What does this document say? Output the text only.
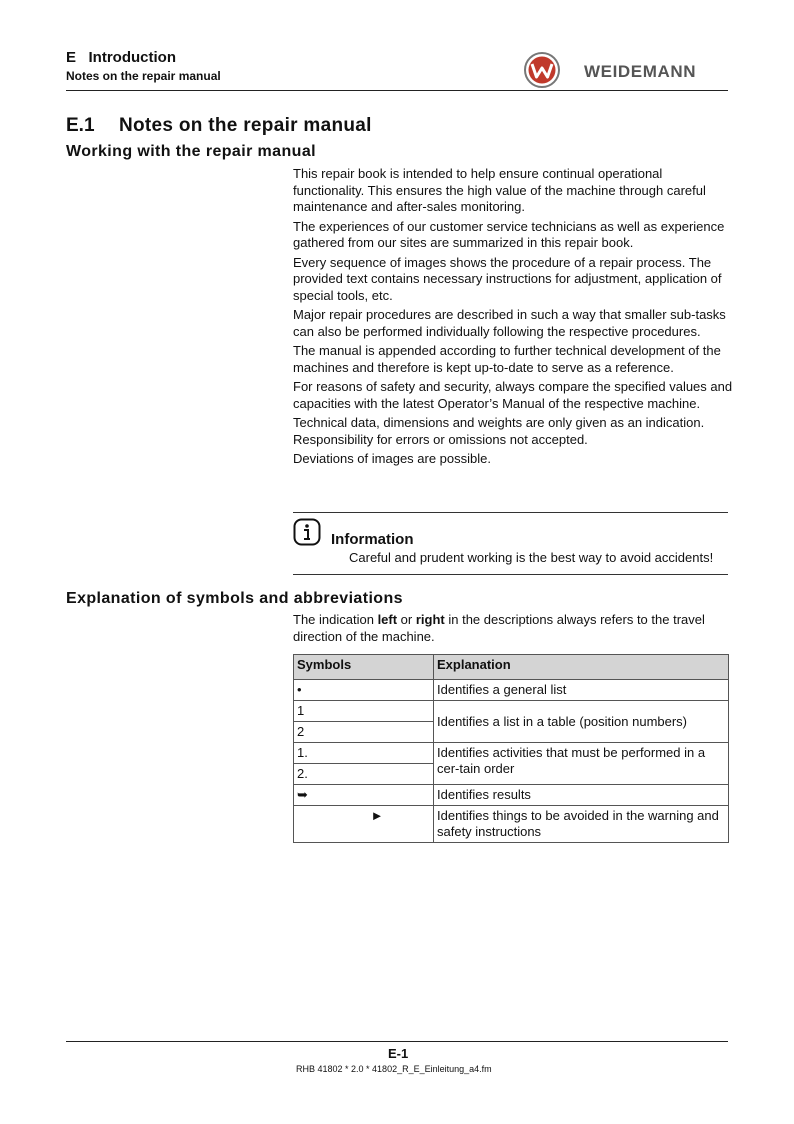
E   Introduction
Notes on the repair manual	WEIDEMANN
E.1 Notes on the repair manual
Working with the repair manual

This repair book is intended to help ensure continual operational functionality. This ensures the high value of the machine through careful maintenance and after-sales monitoring.

The experiences of our customer service technicians as well as experience gathered from our sites are summarized in this repair book.

Every sequence of images shows the procedure of a repair process. The provided text contains necessary instructions for adjustment, application of special tools, etc.

Major repair procedures are described in such a way that smaller sub-tasks can also be performed individually following the respective procedures.

The manual is appended according to further technical development of the machines and therefore is kept up-to-date to serve as a reference.

For reasons of safety and security, always compare the specified values and capacities with the latest Operator’s Manual of the respective machine.

Technical data, dimensions and weights are only given as an indication. Responsibility for errors or omissions not accepted.

Deviations of images are possible.

Information
Careful and prudent working is the best way to avoid accidents!
Explanation of symbols and abbreviations
The indication left or right in the descriptions always refers to the travel direction of the machine.
Symbols	Explanation
•	Identifies a general list
1	Identifies a list in a table (position numbers)
2	
1.	Identifies activities that must be performed in a cer-tain order
2.	
➥	Identifies results
►	Identifies things to be avoided in the warning and safety instructions
E-1
RHB 41802 * 2.0 * 41802_R_E_Einleitung_a4.fm
